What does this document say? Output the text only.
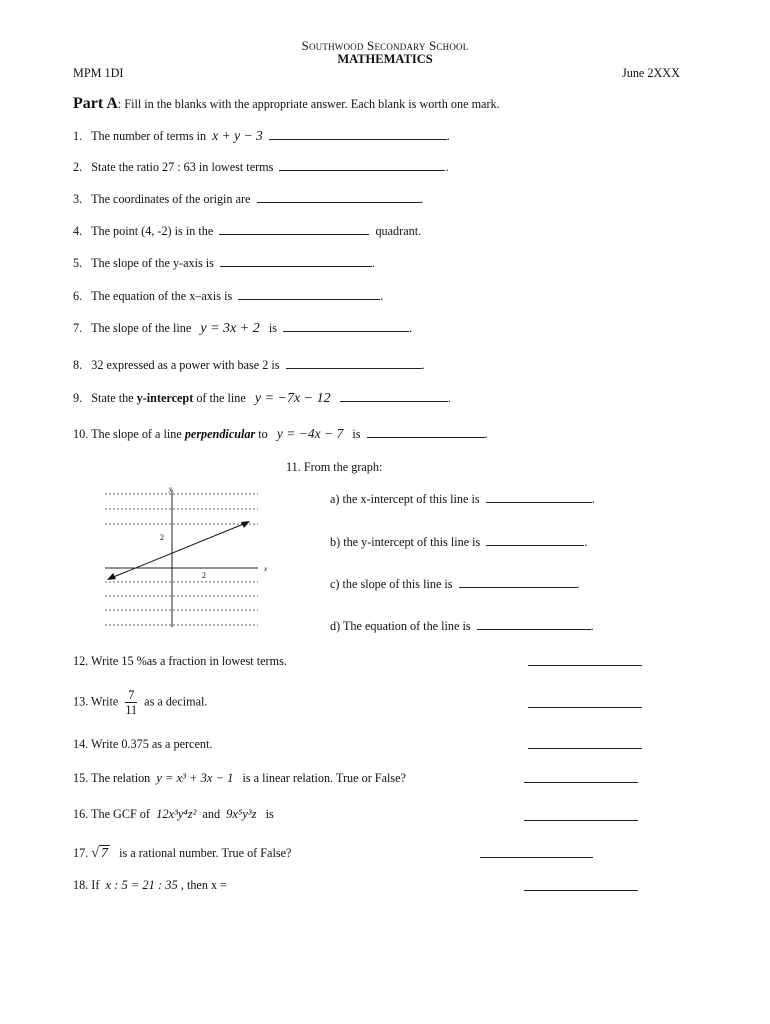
Southwood Secondary School
MATHEMATICS
MPM 1DI	June 2XXX
Part A: Fill in the blanks with the appropriate answer. Each blank is worth one mark.
1. The number of terms in x + y − 3	.
2. State the ratio 27 : 63 in lowest terms	.
3. The coordinates of the origin are	.
4. The point (4, -2) is in the	quadrant.
5. The slope of the y-axis is	.
6. The equation of the x–axis is	.
7. The slope of the line y = 3x + 2 is	.
8. 32 expressed as a power with base 2 is	.
9. State the y-intercept of the line y = −7x − 12	.
10. The slope of a line perpendicular to y = −4x − 7 is	.
11. From the graph:
y
x
2
2
a) the x-intercept of this line is	.
b) the y-intercept of this line is	.
c) the slope of this line is	.
d) The equation of the line is	.
12. Write 15 %as a fraction in lowest terms.
13. Write $\frac{7}{11}$ as a decimal.
14. Write 0.375 as a percent.
15. The relation y = x³ + 3x − 1 is a linear relation. True or False?
16. The GCF of 12x³y⁴z² and 9x⁵y³z is
17. √ 7 is a rational number. True of False?
18. If x : 5 = 21 : 35 , then x =
